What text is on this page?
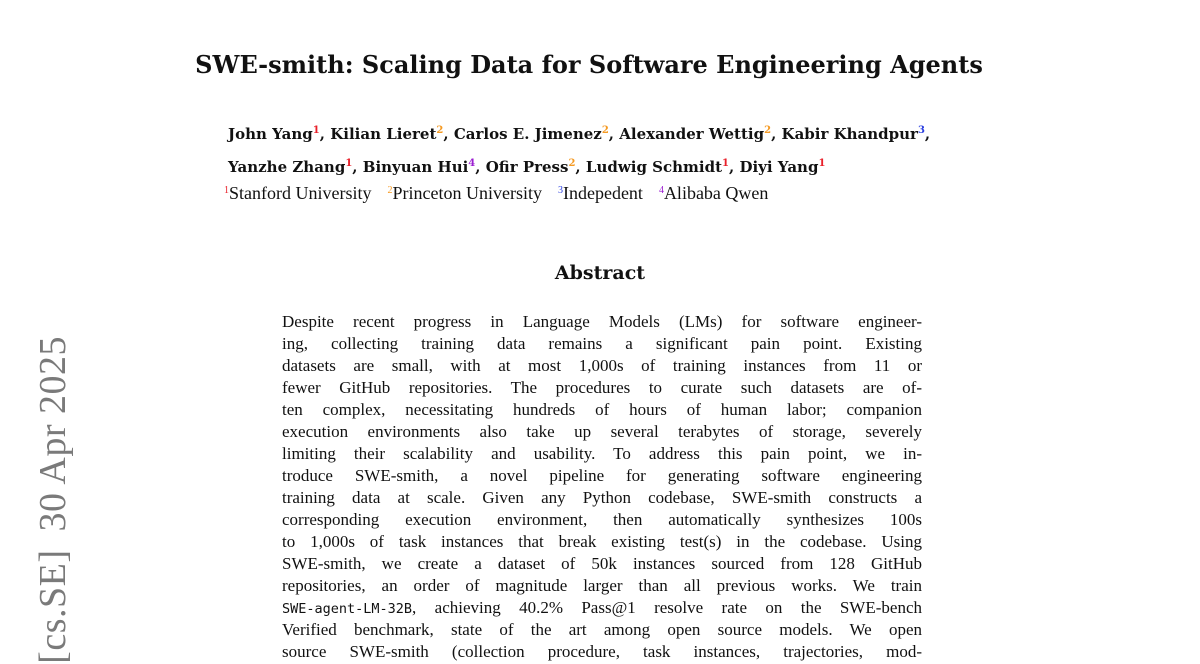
[cs.SE]30 Apr 2025
SWE-smith: Scaling Data for Software Engineering Agents
John Yang$^1$, Kilian Lieret$^2$, Carlos E. Jimenez$^2$, Alexander Wettig$^2$, Kabir Khandpur$^3$,
Yanzhe Zhang$^1$, Binyuan Hui$^4$, Ofir Press$^2$, Ludwig Schmidt$^1$, Diyi Yang$^1$
$^1$Stanford University $^2$Princeton University $^3$Indepedent $^4$Alibaba Qwen
Abstract
Despite recent progress in Language Models (LMs) for software engineer-
ing, collecting training data remains a significant pain point. Existing
datasets are small, with at most 1,000s of training instances from 11 or
fewer GitHub repositories. The procedures to curate such datasets are of-
ten complex, necessitating hundreds of hours of human labor; companion
execution environments also take up several terabytes of storage, severely
limiting their scalability and usability. To address this pain point, we in-
troduce SWE-smith, a novel pipeline for generating software engineering
training data at scale. Given any Python codebase, SWE-smith constructs a
corresponding execution environment, then automatically synthesizes 100s
to 1,000s of task instances that break existing test(s) in the codebase. Using
SWE-smith, we create a dataset of 50k instances sourced from 128 GitHub
repositories, an order of magnitude larger than all previous works. We train
SWE-agent-LM-32B, achieving 40.2% Pass@1 resolve rate on the SWE-bench
Verified benchmark, state of the art among open source models. We open
source SWE-smith (collection procedure, task instances, trajectories, mod-
